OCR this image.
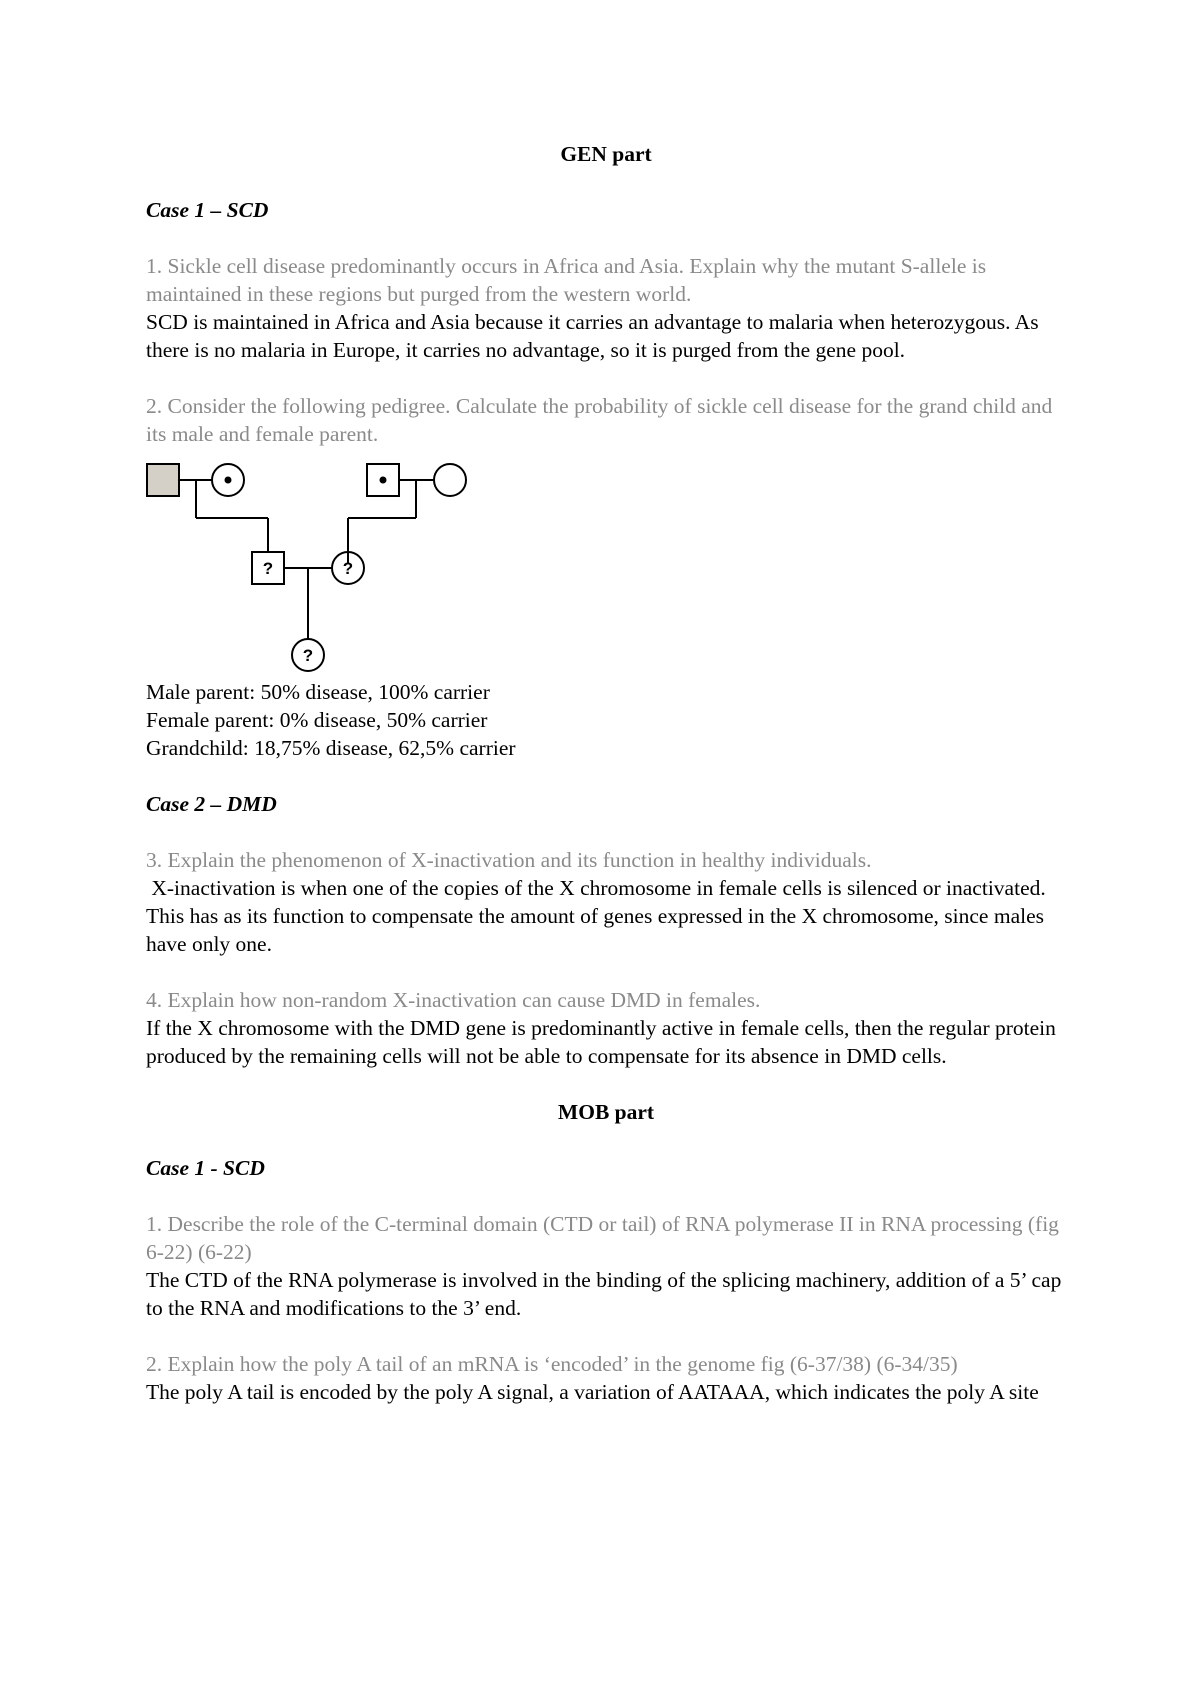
GEN part

Case 1 – SCD

1. Sickle cell disease predominantly occurs in Africa and Asia. Explain why the mutant S-allele is maintained in these regions but purged from the western world.

SCD is maintained in Africa and Asia because it carries an advantage to malaria when heterozygous. As there is no malaria in Europe, it carries no advantage, so it is purged from the gene pool.

2. Consider the following pedigree. Calculate the probability of sickle cell disease for the grand child and its male and female parent.

?	?
?

Male parent: 50% disease, 100% carrier

Female parent: 0% disease, 50% carrier

Grandchild: 18,75% disease, 62,5% carrier

Case 2 – DMD

3. Explain the phenomenon of X-inactivation and its function in healthy individuals.

X-inactivation is when one of the copies of the X chromosome in female cells is silenced or inactivated. This has as its function to compensate the amount of genes expressed in the X chromosome, since males have only one.

4. Explain how non-random X-inactivation can cause DMD in females.

If the X chromosome with the DMD gene is predominantly active in female cells, then the regular protein produced by the remaining cells will not be able to compensate for its absence in DMD cells.

MOB part

Case 1 - SCD

1. Describe the role of the C-terminal domain (CTD or tail) of RNA polymerase II in RNA processing (fig 6-22) (6-22)

The CTD of the RNA polymerase is involved in the binding of the splicing machinery, addition of a 5’ cap to the RNA and modifications to the 3’ end.

2. Explain how the poly A tail of an mRNA is ‘encoded’ in the genome fig (6-37/38) (6-34/35)

The poly A tail is encoded by the poly A signal, a variation of AATAAA, which indicates the poly A site
